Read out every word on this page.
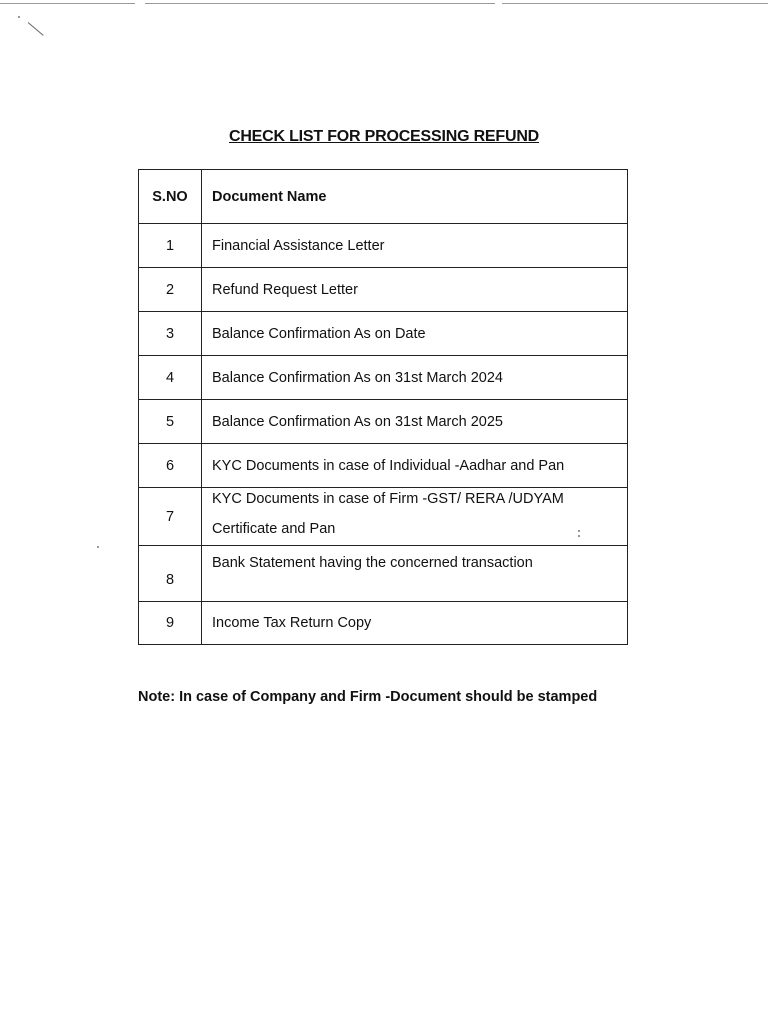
CHECK LIST FOR PROCESSING REFUND
S.NO	Document Name
1	Financial Assistance Letter
2	Refund Request Letter
3	Balance Confirmation As on Date
4	Balance Confirmation As on 31st March 2024
5	Balance Confirmation As on 31st March 2025
6	KYC Documents in case of Individual -Aadhar and Pan
7	KYC Documents in case of Firm -GST/ RERA /UDYAM
Certificate and Pan

8	Bank Statement having the concerned transaction

9	Income Tax Return Copy
Note: In case of Company and Firm -Document should be stamped
